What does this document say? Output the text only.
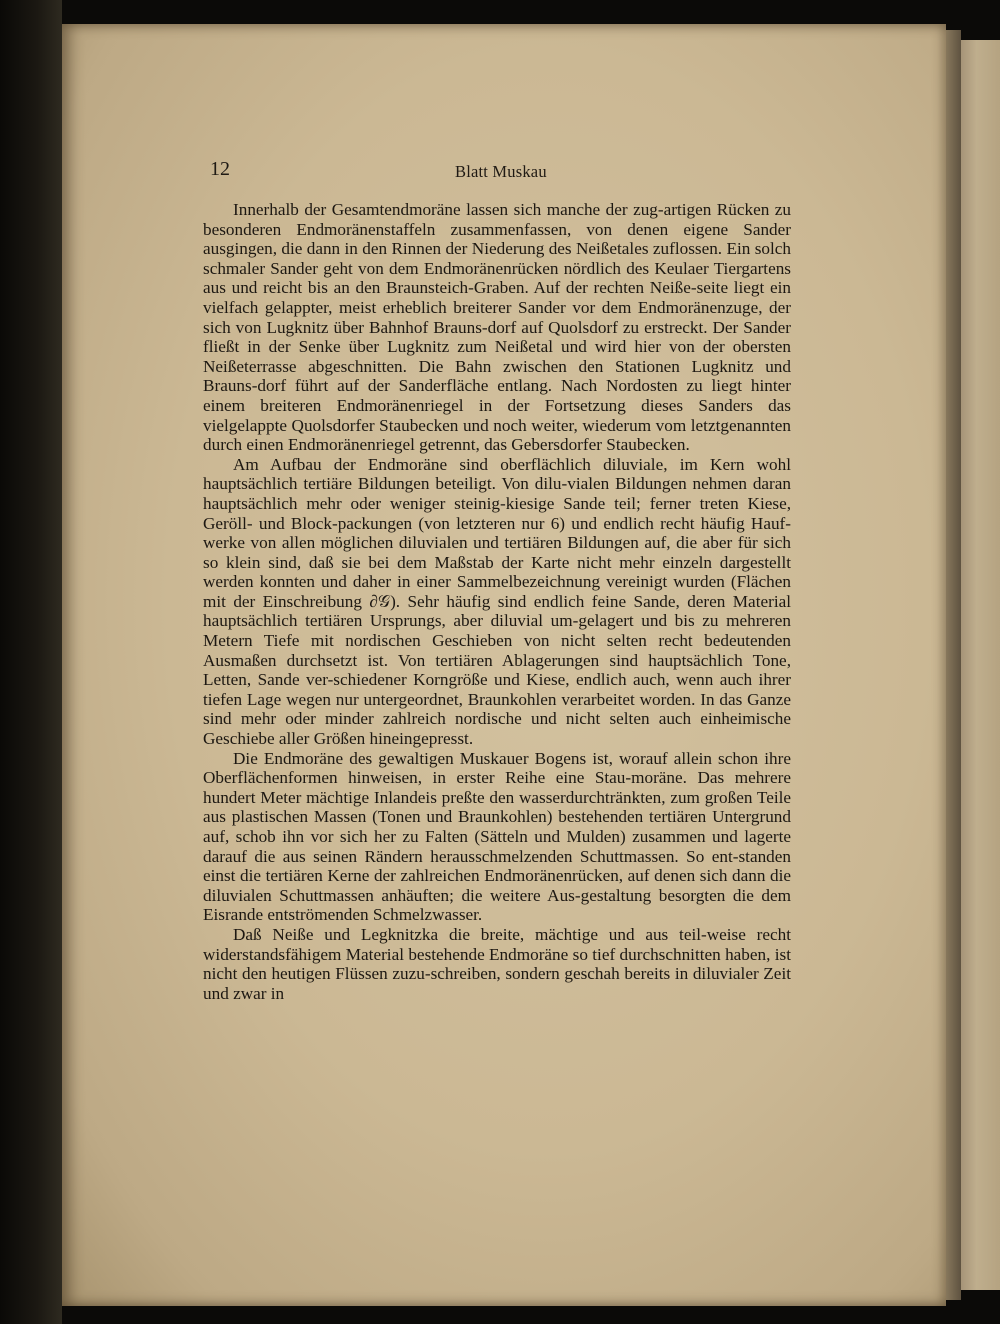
12	Blatt Muskau

Innerhalb der Gesamtendmoräne lassen sich manche der zug-artigen Rücken zu besonderen Endmoränenstaffeln zusammenfassen, von denen eigene Sander ausgingen, die dann in den Rinnen der Niederung des Neißetales zuflossen. Ein solch schmaler Sander geht von dem Endmoränenrücken nördlich des Keulaer Tiergartens aus und reicht bis an den Braunsteich-Graben. Auf der rechten Neiße-seite liegt ein vielfach gelappter, meist erheblich breiterer Sander vor dem Endmoränenzuge, der sich von Lugknitz über Bahnhof Brauns-dorf auf Quolsdorf zu erstreckt. Der Sander fließt in der Senke über Lugknitz zum Neißetal und wird hier von der obersten Neißeterrasse abgeschnitten. Die Bahn zwischen den Stationen Lugknitz und Brauns-dorf führt auf der Sanderfläche entlang. Nach Nordosten zu liegt hinter einem breiteren Endmoränenriegel in der Fortsetzung dieses Sanders das vielgelappte Quolsdorfer Staubecken und noch weiter, wiederum vom letztgenannten durch einen Endmoränenriegel getrennt, das Gebersdorfer Staubecken.

Am Aufbau der Endmoräne sind oberflächlich diluviale, im Kern wohl hauptsächlich tertiäre Bildungen beteiligt. Von dilu-vialen Bildungen nehmen daran hauptsächlich mehr oder weniger steinig-kiesige Sande teil; ferner treten Kiese, Geröll- und Block-packungen (von letzteren nur 6) und endlich recht häufig Hauf-werke von allen möglichen diluvialen und tertiären Bildungen auf, die aber für sich so klein sind, daß sie bei dem Maßstab der Karte nicht mehr einzeln dargestellt werden konnten und daher in einer Sammelbezeichnung vereinigt wurden (Flächen mit der Einschreibung ∂𝒢). Sehr häufig sind endlich feine Sande, deren Material hauptsächlich tertiären Ursprungs, aber diluvial um-gelagert und bis zu mehreren Metern Tiefe mit nordischen Geschieben von nicht selten recht bedeutenden Ausmaßen durchsetzt ist. Von tertiären Ablagerungen sind hauptsächlich Tone, Letten, Sande ver-schiedener Korngröße und Kiese, endlich auch, wenn auch ihrer tiefen Lage wegen nur untergeordnet, Braunkohlen verarbeitet worden. In das Ganze sind mehr oder minder zahlreich nordische und nicht selten auch einheimische Geschiebe aller Größen hineingepresst.

Die Endmoräne des gewaltigen Muskauer Bogens ist, worauf allein schon ihre Oberflächenformen hinweisen, in erster Reihe eine Stau-moräne. Das mehrere hundert Meter mächtige Inlandeis preßte den wasserdurchtränkten, zum großen Teile aus plastischen Massen (Tonen und Braunkohlen) bestehenden tertiären Untergrund auf, schob ihn vor sich her zu Falten (Sätteln und Mulden) zusammen und lagerte darauf die aus seinen Rändern herausschmelzenden Schuttmassen. So ent-standen einst die tertiären Kerne der zahlreichen Endmoränenrücken, auf denen sich dann die diluvialen Schuttmassen anhäuften; die weitere Aus-gestaltung besorgten die dem Eisrande entströmenden Schmelzwasser.

Daß Neiße und Legknitzka die breite, mächtige und aus teil-weise recht widerstandsfähigem Material bestehende Endmoräne so tief durchschnitten haben, ist nicht den heutigen Flüssen zuzu-schreiben, sondern geschah bereits in diluvialer Zeit und zwar in
